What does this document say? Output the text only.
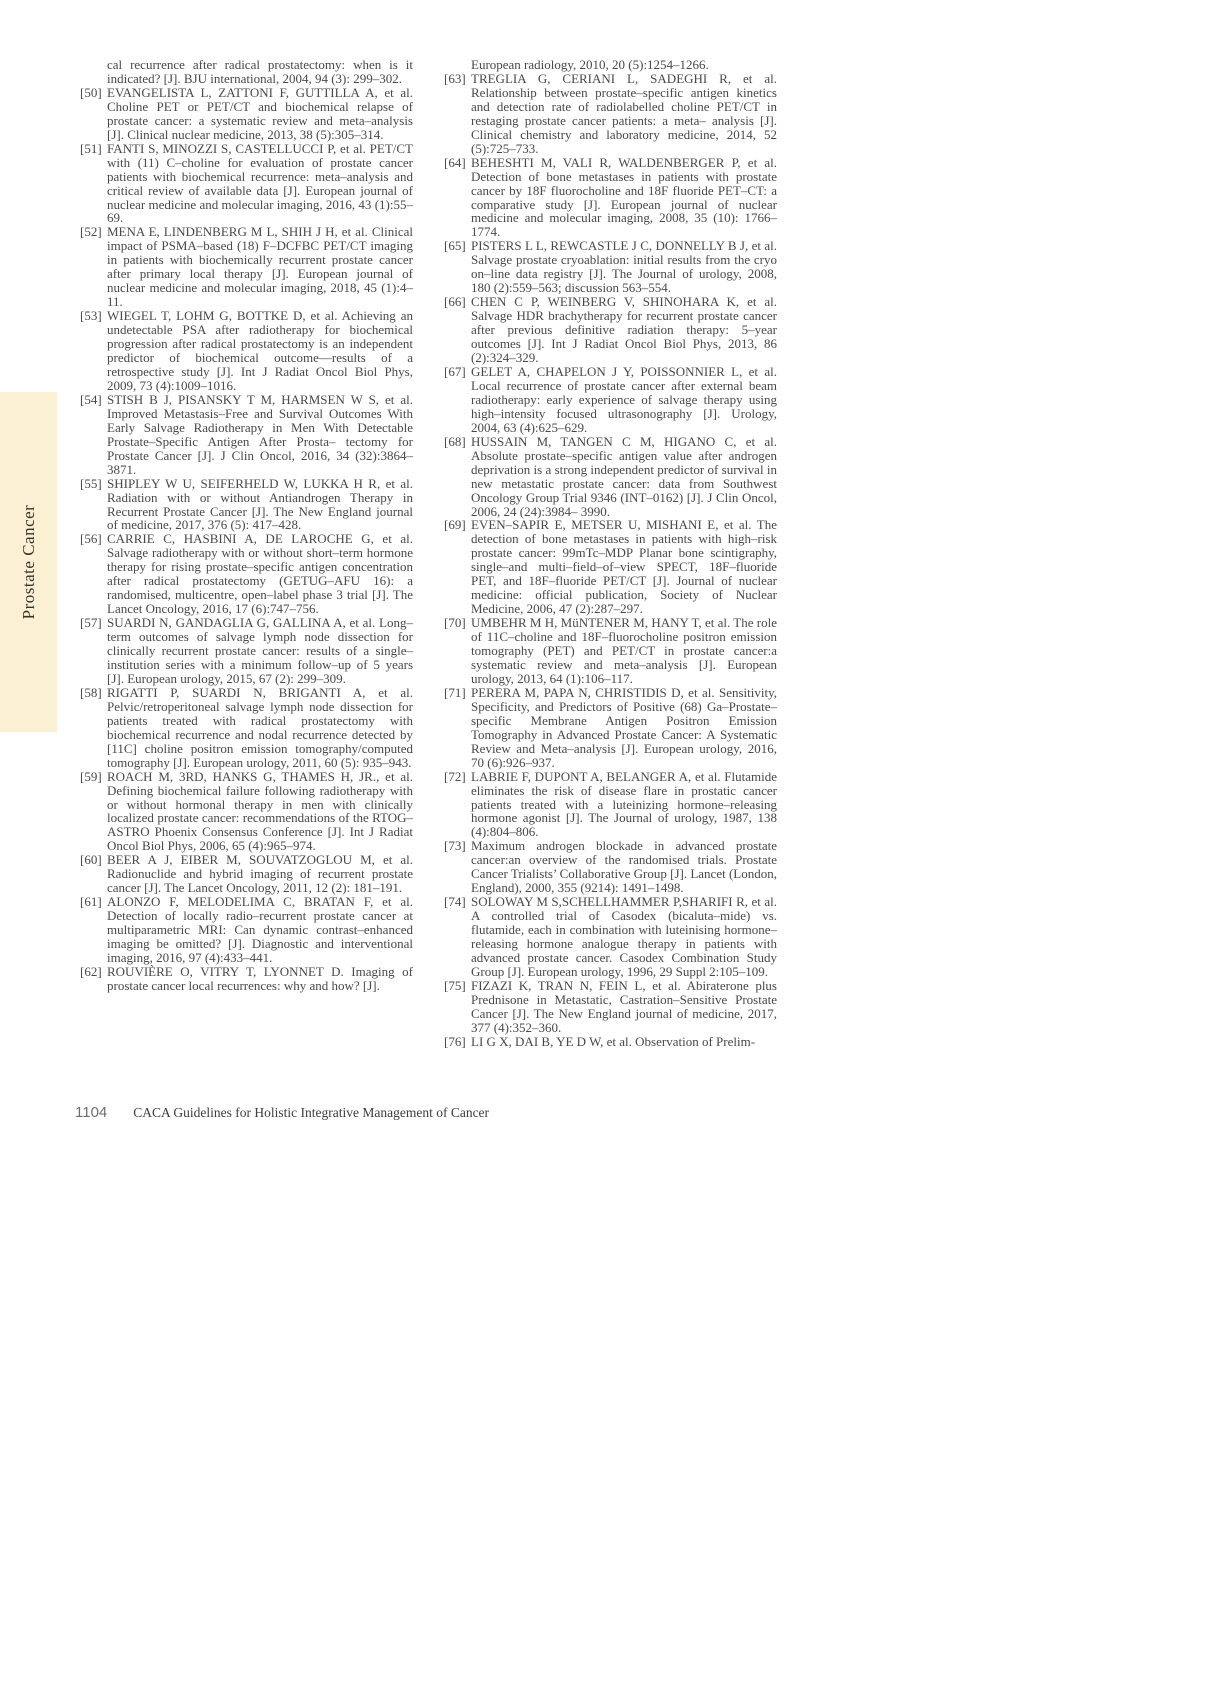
Prostate Cancer
cal recurrence after radical prostatectomy: when is it indicated? [J]. BJU international, 2004, 94 (3): 299–302.
[50] EVANGELISTA L, ZATTONI F, GUTTILLA A, et al. Choline PET or PET/CT and biochemical relapse of prostate cancer: a systematic review and meta–analysis [J]. Clinical nuclear medicine, 2013, 38 (5):305–314.
[51] FANTI S, MINOZZI S, CASTELLUCCI P, et al. PET/CT with (11) C–choline for evaluation of prostate cancer patients with biochemical recurrence: meta–analysis and critical review of available data [J]. European journal of nuclear medicine and molecular imaging, 2016, 43 (1):55–69.
[52] MENA E, LINDENBERG M L, SHIH J H, et al. Clinical impact of PSMA–based (18) F–DCFBC PET/CT imaging in patients with biochemically recurrent prostate cancer after primary local therapy [J]. European journal of nuclear medicine and molecular imaging, 2018, 45 (1):4–11.
[53] WIEGEL T, LOHM G, BOTTKE D, et al. Achieving an undetectable PSA after radiotherapy for biochemical progression after radical prostatectomy is an independent predictor of biochemical outcome––results of a retrospective study [J]. Int J Radiat Oncol Biol Phys, 2009, 73 (4):1009–1016.
[54] STISH B J, PISANSKY T M, HARMSEN W S, et al. Improved Metastasis–Free and Survival Outcomes With Early Salvage Radiotherapy in Men With Detectable Prostate–Specific Antigen After Prosta– tectomy for Prostate Cancer [J]. J Clin Oncol, 2016, 34 (32):3864–3871.
[55] SHIPLEY W U, SEIFERHELD W, LUKKA H R, et al. Radiation with or without Antiandrogen Therapy in Recurrent Prostate Cancer [J]. The New England journal of medicine, 2017, 376 (5): 417–428.
[56] CARRIE C, HASBINI A, DE LAROCHE G, et al. Salvage radiotherapy with or without short–term hormone therapy for rising prostate–specific antigen concentration after radical prostatectomy (GETUG–AFU 16): a randomised, multicentre, open–label phase 3 trial [J]. The Lancet Oncology, 2016, 17 (6):747–756.
[57] SUARDI N, GANDAGLIA G, GALLINA A, et al. Long–term outcomes of salvage lymph node dissection for clinically recurrent prostate cancer: results of a single–institution series with a minimum follow–up of 5 years [J]. European urology, 2015, 67 (2): 299–309.
[58] RIGATTI P, SUARDI N, BRIGANTI A, et al. Pelvic/retroperitoneal salvage lymph node dissection for patients treated with radical prostatectomy with biochemical recurrence and nodal recurrence detected by [11C] choline positron emission tomography/computed tomography [J]. European urology, 2011, 60 (5): 935–943.
[59] ROACH M, 3RD, HANKS G, THAMES H, JR., et al. Defining biochemical failure following radiotherapy with or without hormonal therapy in men with clinically localized prostate cancer: recommendations of the RTOG–ASTRO Phoenix Consensus Conference [J]. Int J Radiat Oncol Biol Phys, 2006, 65 (4):965–974.
[60] BEER A J, EIBER M, SOUVATZOGLOU M, et al. Radionuclide and hybrid imaging of recurrent prostate cancer [J]. The Lancet Oncology, 2011, 12 (2): 181–191.
[61] ALONZO F, MELODELIMA C, BRATAN F, et al. Detection of locally radio–recurrent prostate cancer at multiparametric MRI: Can dynamic contrast–enhanced imaging be omitted? [J]. Diagnostic and interventional imaging, 2016, 97 (4):433–441.
[62] ROUVIÈRE O, VITRY T, LYONNET D. Imaging of prostate cancer local recurrences: why and how? [J].
European radiology, 2010, 20 (5):1254–1266.
[63] TREGLIA G, CERIANI L, SADEGHI R, et al. Relationship between prostate–specific antigen kinetics and detection rate of radiolabelled choline PET/CT in restaging prostate cancer patients: a meta– analysis [J]. Clinical chemistry and laboratory medicine, 2014, 52 (5):725–733.
[64] BEHESHTI M, VALI R, WALDENBERGER P, et al. Detection of bone metastases in patients with prostate cancer by 18F fluorocholine and 18F fluoride PET–CT: a comparative study [J]. European journal of nuclear medicine and molecular imaging, 2008, 35 (10): 1766–1774.
[65] PISTERS L L, REWCASTLE J C, DONNELLY B J, et al. Salvage prostate cryoablation: initial results from the cryo on–line data registry [J]. The Journal of urology, 2008, 180 (2):559–563; discussion 563–554.
[66] CHEN C P, WEINBERG V, SHINOHARA K, et al. Salvage HDR brachytherapy for recurrent prostate cancer after previous definitive radiation therapy: 5–year outcomes [J]. Int J Radiat Oncol Biol Phys, 2013, 86 (2):324–329.
[67] GELET A, CHAPELON J Y, POISSONNIER L, et al. Local recurrence of prostate cancer after external beam radiotherapy: early experience of salvage therapy using high–intensity focused ultrasonography [J]. Urology, 2004, 63 (4):625–629.
[68] HUSSAIN M, TANGEN C M, HIGANO C, et al. Absolute prostate–specific antigen value after androgen deprivation is a strong independent predictor of survival in new metastatic prostate cancer: data from Southwest Oncology Group Trial 9346 (INT–0162) [J]. J Clin Oncol, 2006, 24 (24):3984– 3990.
[69] EVEN–SAPIR E, METSER U, MISHANI E, et al. The detection of bone metastases in patients with high–risk prostate cancer: 99mTc–MDP Planar bone scintigraphy, single–and multi–field–of–view SPECT, 18F–fluoride PET, and 18F–fluoride PET/CT [J]. Journal of nuclear medicine: official publication, Society of Nuclear Medicine, 2006, 47 (2):287–297.
[70] UMBEHR M H, MüNTENER M, HANY T, et al. The role of 11C–choline and 18F–fluorocholine positron emission tomography (PET) and PET/CT in prostate cancer:a systematic review and meta–analysis [J]. European urology, 2013, 64 (1):106–117.
[71] PERERA M, PAPA N, CHRISTIDIS D, et al. Sensitivity, Specificity, and Predictors of Positive (68) Ga–Prostate–specific Membrane Antigen Positron Emission Tomography in Advanced Prostate Cancer: A Systematic Review and Meta–analysis [J]. European urology, 2016, 70 (6):926–937.
[72] LABRIE F, DUPONT A, BELANGER A, et al. Flutamide eliminates the risk of disease flare in prostatic cancer patients treated with a luteinizing hormone–releasing hormone agonist [J]. The Journal of urology, 1987, 138 (4):804–806.
[73] Maximum androgen blockade in advanced prostate cancer:an overview of the randomised trials. Prostate Cancer Trialists’ Collaborative Group [J]. Lancet (London, England), 2000, 355 (9214): 1491–1498.
[74] SOLOWAY M S,SCHELLHAMMER P,SHARIFI R, et al. A controlled trial of Casodex (bicaluta–mide) vs. flutamide, each in combination with luteinising hormone–releasing hormone analogue therapy in patients with advanced prostate cancer. Casodex Combination Study Group [J]. European urology, 1996, 29 Suppl 2:105–109.
[75] FIZAZI K, TRAN N, FEIN L, et al. Abiraterone plus Prednisone in Metastatic, Castration–Sensitive Prostate Cancer [J]. The New England journal of medicine, 2017, 377 (4):352–360.
[76] LI G X, DAI B, YE D W, et al. Observation of Prelim-
1104 CACA Guidelines for Holistic Integrative Management of Cancer
